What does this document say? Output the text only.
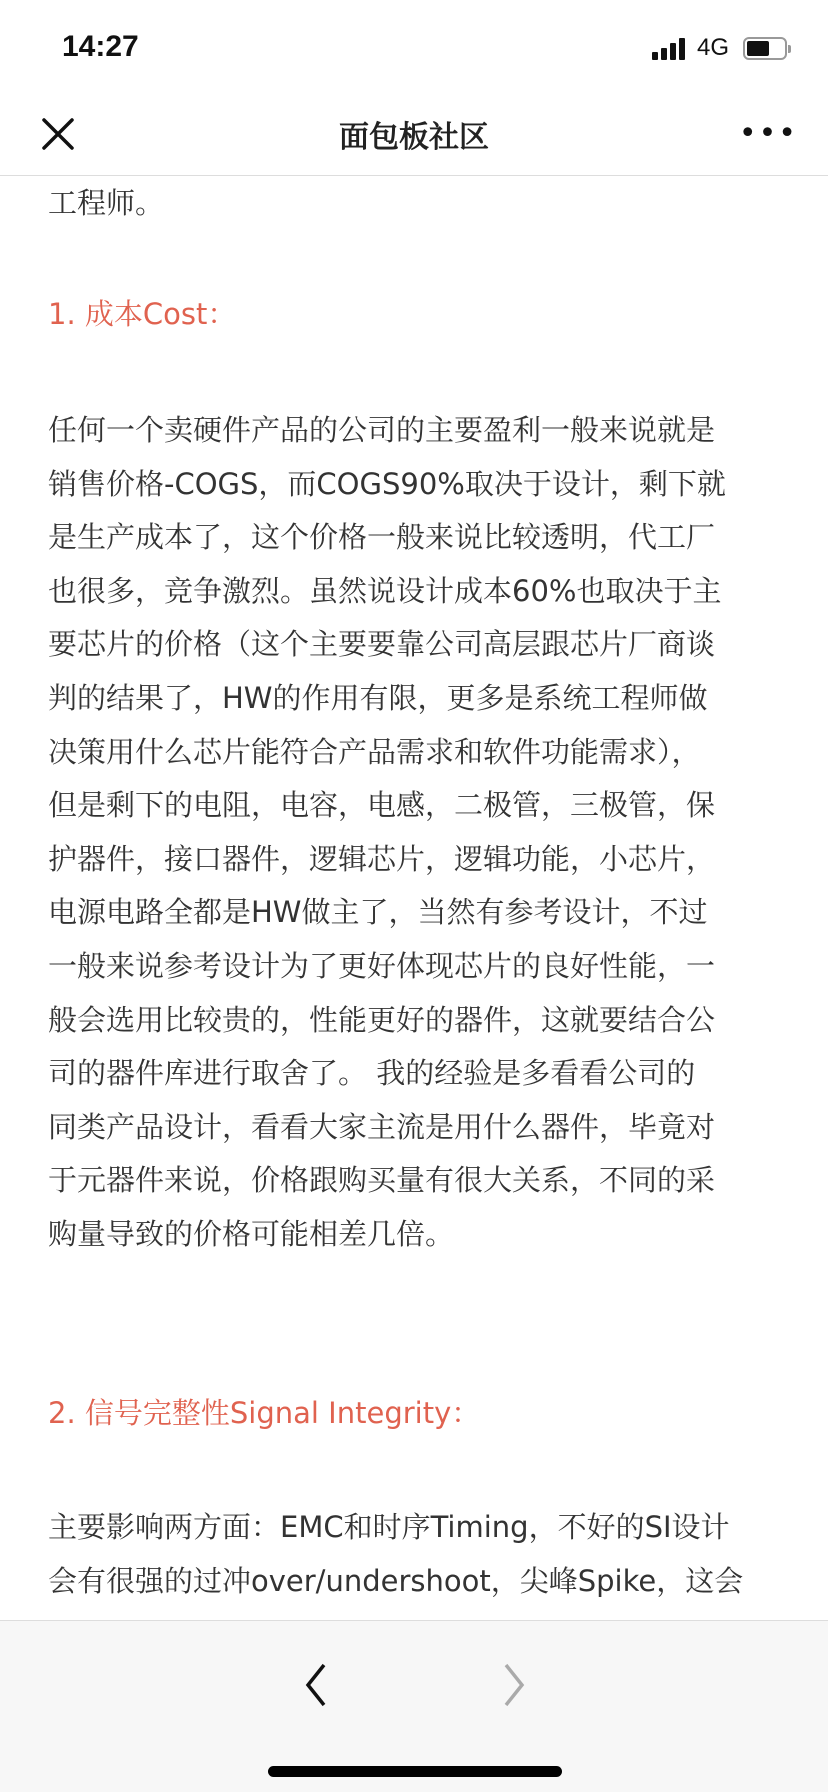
14:27	4G
面包板社区	•••
工程师。
1. 成本Cost：
任何一个卖硬件产品的公司的主要盈利一般来说就是
销售价格-COGS，而COGS90%取决于设计，剩下就
是生产成本了，这个价格一般来说比较透明，代工厂
也很多，竞争激烈。虽然说设计成本60%也取决于主
要芯片的价格（这个主要要靠公司高层跟芯片厂商谈
判的结果了，HW的作用有限，更多是系统工程师做
决策用什么芯片能符合产品需求和软件功能需求），
但是剩下的电阻，电容，电感，二极管，三极管，保
护器件，接口器件，逻辑芯片，逻辑功能，小芯片，
电源电路全都是HW做主了，当然有参考设计，不过
一般来说参考设计为了更好体现芯片的良好性能，一
般会选用比较贵的，性能更好的器件，这就要结合公
司的器件库进行取舍了。 我的经验是多看看公司的
同类产品设计，看看大家主流是用什么器件，毕竟对
于元器件来说，价格跟购买量有很大关系，不同的采
购量导致的价格可能相差几倍。
2. 信号完整性Signal Integrity：
主要影响两方面：EMC和时序Timing，不好的SI设计
会有很强的过冲over/undershoot，尖峰Spike，这会
